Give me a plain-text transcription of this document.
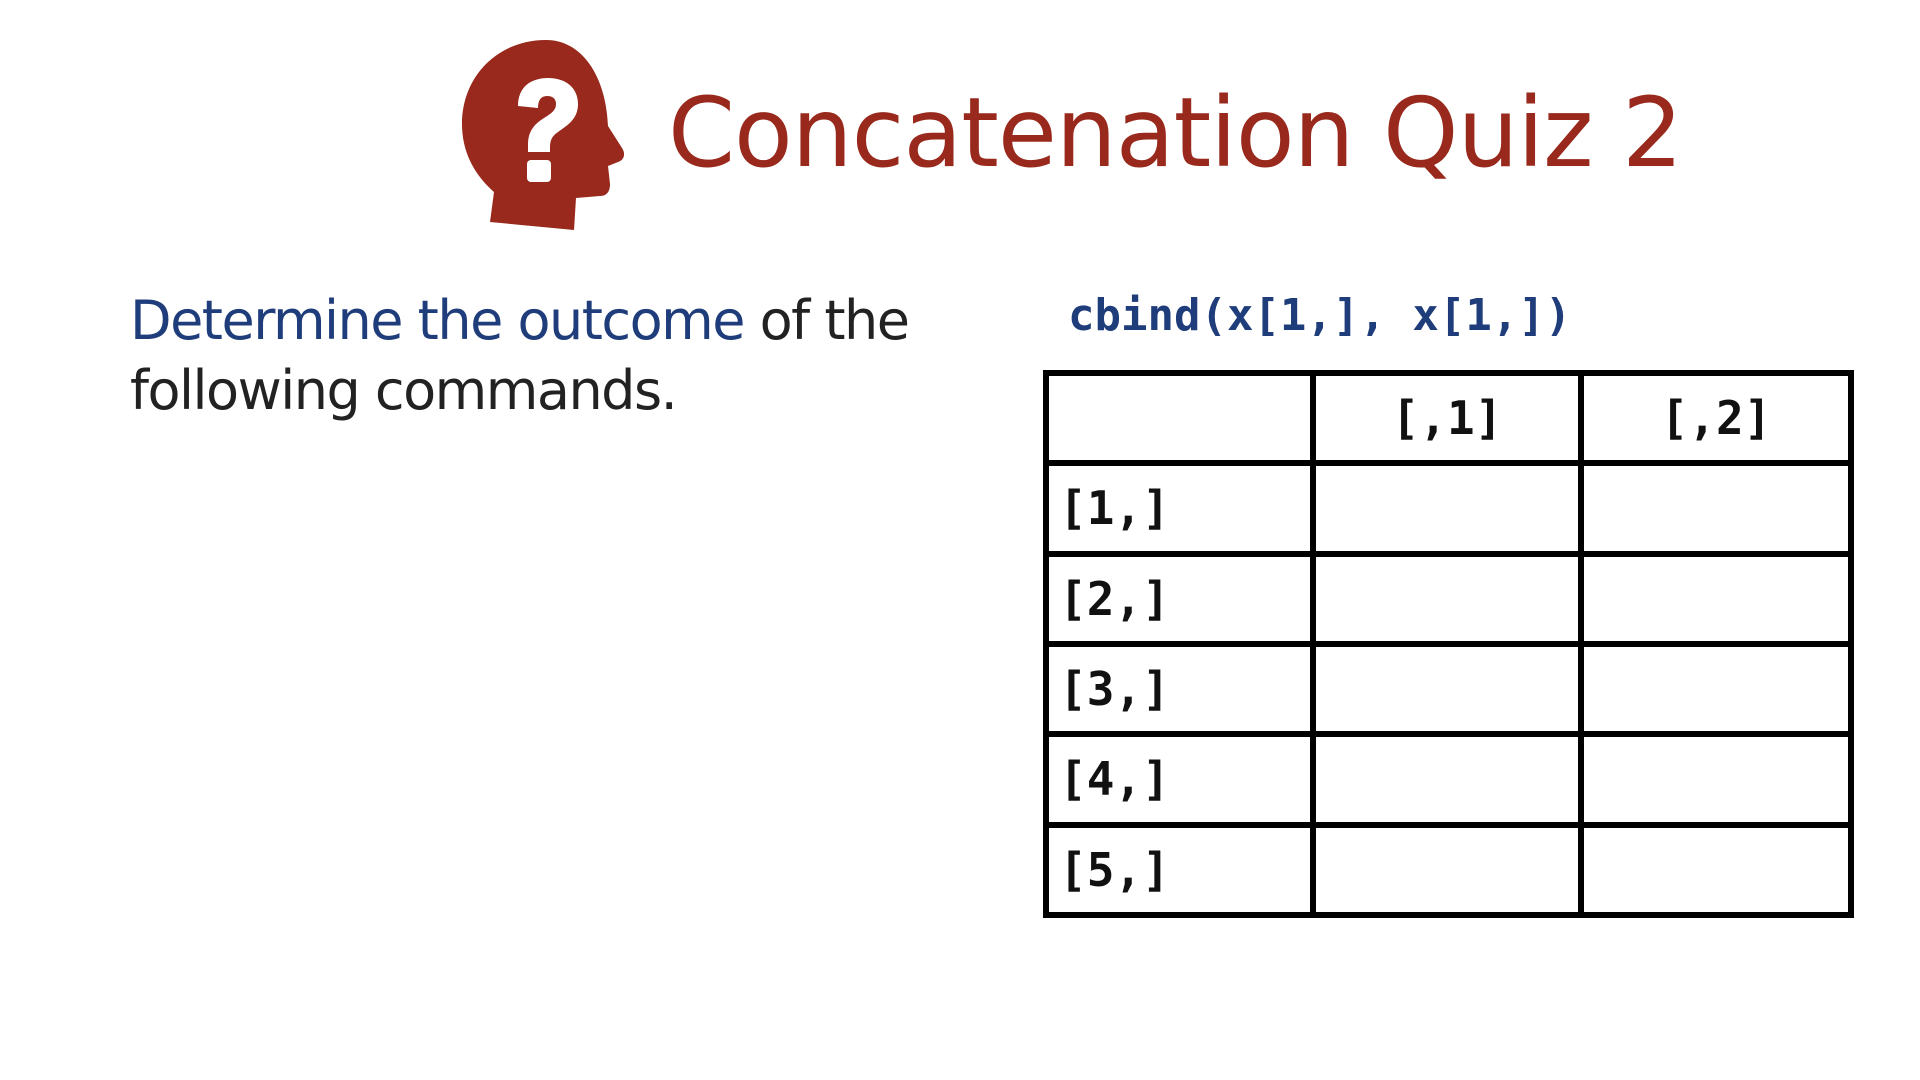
Concatenation Quiz 2
Determine the outcome of the following commands.
cbind(x[1,], x[1,])
	[,1]	[,2]
[1,]		
[2,]		
[3,]		
[4,]		
[5,]		
